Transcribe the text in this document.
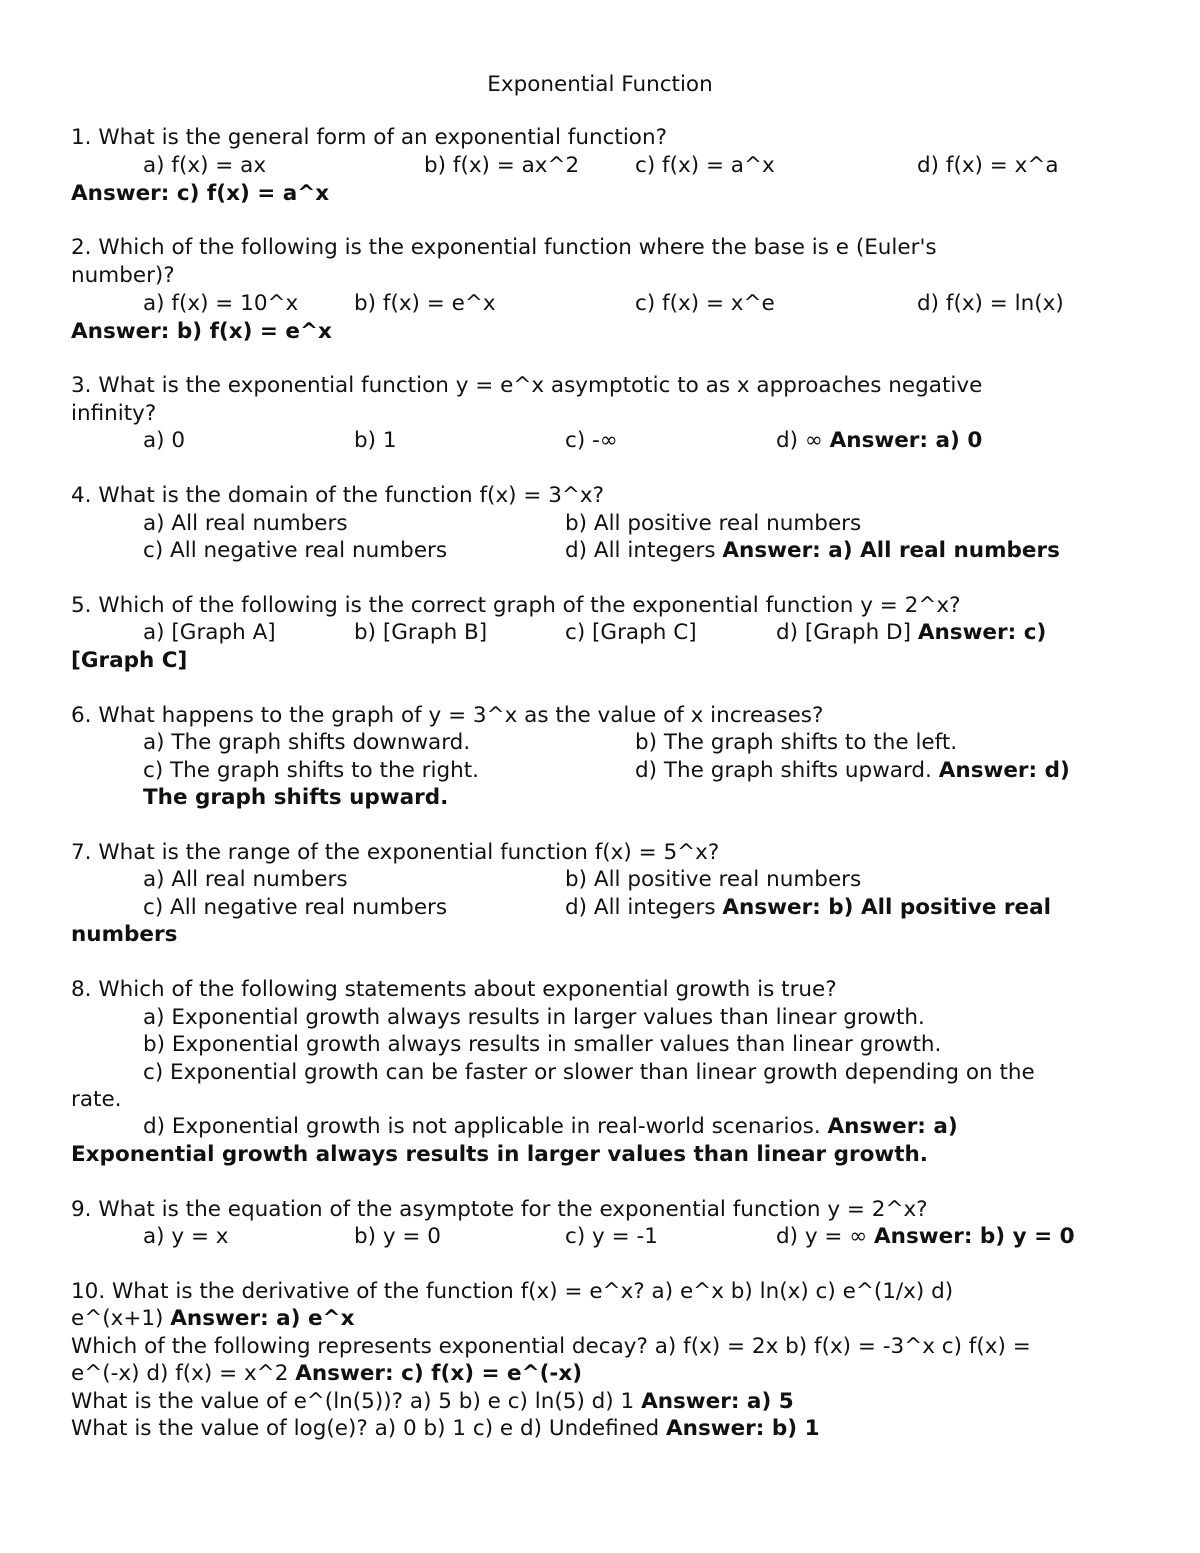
Exponential Function
1. What is the general form of an exponential function?
a) f(x) = ax	b) f(x) = ax^2	c) f(x) = a^x	d) f(x) = x^a
Answer: c) f(x) = a^x
2. Which of the following is the exponential function where the base is e (Euler's
number)?
a) f(x) = 10^x	b) f(x) = e^x	c) f(x) = x^e	d) f(x) = ln(x)
Answer: b) f(x) = e^x
3. What is the exponential function y = e^x asymptotic to as x approaches negative
infinity?
a) 0	b) 1	c) -∞	d) ∞ Answer: a) 0
4. What is the domain of the function f(x) = 3^x?
a) All real numbers	b) All positive real numbers
c) All negative real numbers	d) All integers Answer: a) All real numbers
5. Which of the following is the correct graph of the exponential function y = 2^x?
a) [Graph A]	b) [Graph B]	c) [Graph C]	d) [Graph D] Answer: c)
[Graph C]
6. What happens to the graph of y = 3^x as the value of x increases?
a) The graph shifts downward.	b) The graph shifts to the left.
c) The graph shifts to the right.	d) The graph shifts upward. Answer: d)
The graph shifts upward.
7. What is the range of the exponential function f(x) = 5^x?
a) All real numbers	b) All positive real numbers
c) All negative real numbers	d) All integers Answer: b) All positive real
numbers
8. Which of the following statements about exponential growth is true?
a) Exponential growth always results in larger values than linear growth.
b) Exponential growth always results in smaller values than linear growth.
c) Exponential growth can be faster or slower than linear growth depending on the
rate.
d) Exponential growth is not applicable in real-world scenarios. Answer: a)
Exponential growth always results in larger values than linear growth.
9. What is the equation of the asymptote for the exponential function y = 2^x?
a) y = x	b) y = 0	c) y = -1	d) y = ∞ Answer: b) y = 0
10. What is the derivative of the function f(x) = e^x? a) e^x b) ln(x) c) e^(1/x) d)
e^(x+1) Answer: a) e^x
Which of the following represents exponential decay? a) f(x) = 2x b) f(x) = -3^x c) f(x) =
e^(-x) d) f(x) = x^2 Answer: c) f(x) = e^(-x)
What is the value of e^(ln(5))? a) 5 b) e c) ln(5) d) 1 Answer: a) 5
What is the value of log(e)? a) 0 b) 1 c) e d) Undefined Answer: b) 1
